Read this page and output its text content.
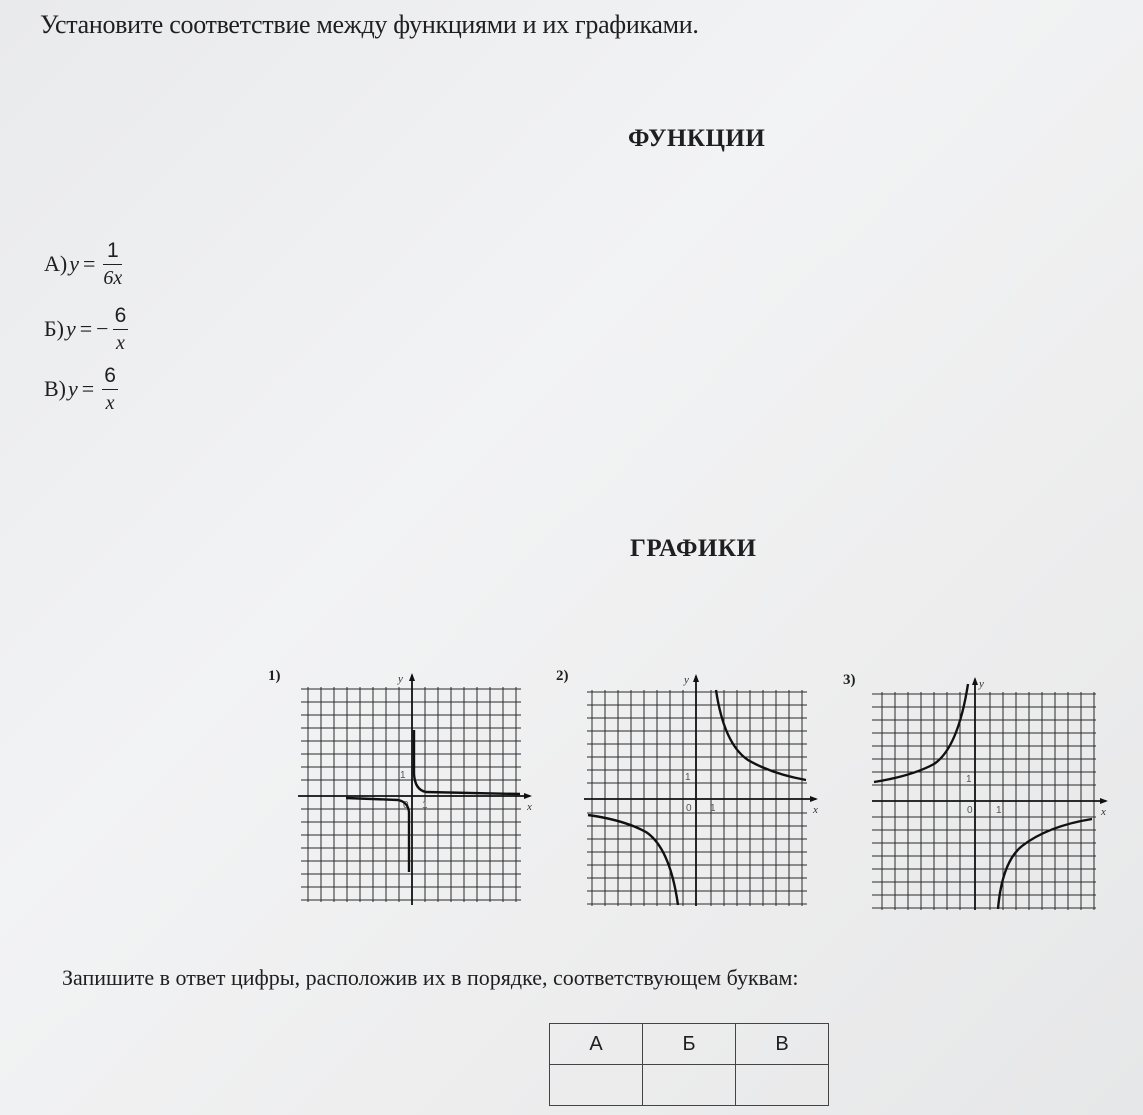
Установите соответствие между функциями и их графиками.
ФУНКЦИИ
А) $y = \frac{1}{6x}$
Б) y = − $\frac{6}{x}$
В) $y = \frac{6}{x}$
ГРАФИКИ
1)	y
x
0
1
1
2)	y
x
0
1
1
3)	y
x
0
1
1
Запишите в ответ цифры, расположив их в порядке, соответствующем буквам:
А	Б	В
